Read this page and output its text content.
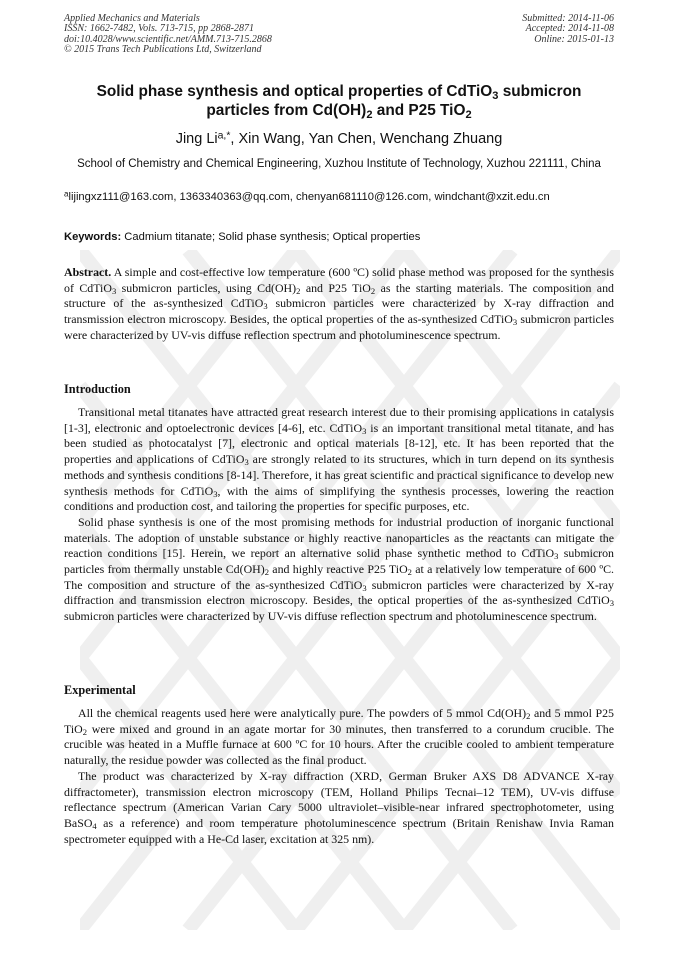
Applied Mechanics and Materials
ISSN: 1662-7482, Vols. 713-715, pp 2868-2871
doi:10.4028/www.scientific.net/AMM.713-715.2868
© 2015 Trans Tech Publications Ltd, Switzerland
Submitted: 2014-11-06
Accepted: 2014-11-08
Online: 2015-01-13
Solid phase synthesis and optical properties of CdTiO$_3$ submicron
particles from $Cd(OH)_2$ and P25 TiO$_2$
Jing $Li^{a,*}$, Xin Wang, Yan Chen, Wenchang Zhuang
School of Chemistry and Chemical Engineering, Xuzhou Institute of Technology, Xuzhou 221111, China
$^a$lijingxz111@163.com, 1363340363@qq.com, chenyan681110@126.com, windchant@xzit.edu.cn
Keywords: Cadmium titanate; Solid phase synthesis; Optical properties

Abstract. A simple and cost-effective low temperature (600 ºC) solid phase method was proposed for the synthesis of CdTiO$_3$ submicron particles, using $Cd(OH)_2$ and P25 TiO$_2$ as the starting materials. The composition and structure of the as-synthesized CdTiO$_3$ submicron particles were characterized by X-ray diffraction and transmission electron microscopy. Besides, the optical properties of the as-synthesized CdTiO$_3$ submicron particles were characterized by UV-vis diffuse reflection spectrum and photoluminescence spectrum.

Introduction

Transitional metal titanates have attracted great research interest due to their promising applications in catalysis [1-3], electronic and optoelectronic devices [4-6], etc. CdTiO$_3$ is an important transitional metal titanate, and has been studied as photocatalyst [7], electronic and optical materials [8-12], etc. It has been reported that the properties and applications of CdTiO$_3$ are strongly related to its structures, which in turn depend on its synthesis methods and synthesis conditions [8-14]. Therefore, it has great scientific and practical significance to develop new synthesis methods for CdTiO$_3$, with the aims of simplifying the synthesis processes, lowering the reaction conditions and production cost, and tailoring the properties for specific purposes, etc.

Solid phase synthesis is one of the most promising methods for industrial production of inorganic functional materials. The adoption of unstable substance or highly reactive nanoparticles as the reactants can mitigate the reaction conditions [15]. Herein, we report an alternative solid phase synthetic method to CdTiO$_3$ submicron particles from thermally unstable $Cd(OH)_2$ and highly reactive P25 TiO$_2$ at a relatively low temperature of 600 ºC. The composition and structure of the as-synthesized CdTiO$_3$ submicron particles were characterized by X-ray diffraction and transmission electron microscopy. Besides, the optical properties of the as-synthesized CdTiO$_3$ submicron particles were characterized by UV-vis diffuse reflection spectrum and photoluminescence spectrum.

Experimental

All the chemical reagents used here were analytically pure. The powders of 5 mmol $Cd(OH)_2$ and 5 mmol P25 TiO$_2$ were mixed and ground in an agate mortar for 30 minutes, then transferred to a corundum crucible. The crucible was heated in a Muffle furnace at 600 ºC for 10 hours. After the crucible cooled to ambient temperature naturally, the residue powder was collected as the final product.

The product was characterized by X-ray diffraction (XRD, German Bruker AXS D8 ADVANCE X-ray diffractometer), transmission electron microscopy (TEM, Holland Philips Tecnai–12 TEM), UV-vis diffuse reflectance spectrum (American Varian Cary 5000 ultraviolet–visible-near infrared spectrophotometer, using BaSO$_4$ as a reference) and room temperature photoluminescence spectrum (Britain Renishaw Invia Raman spectrometer equipped with a He-Cd laser, excitation at 325 nm).
